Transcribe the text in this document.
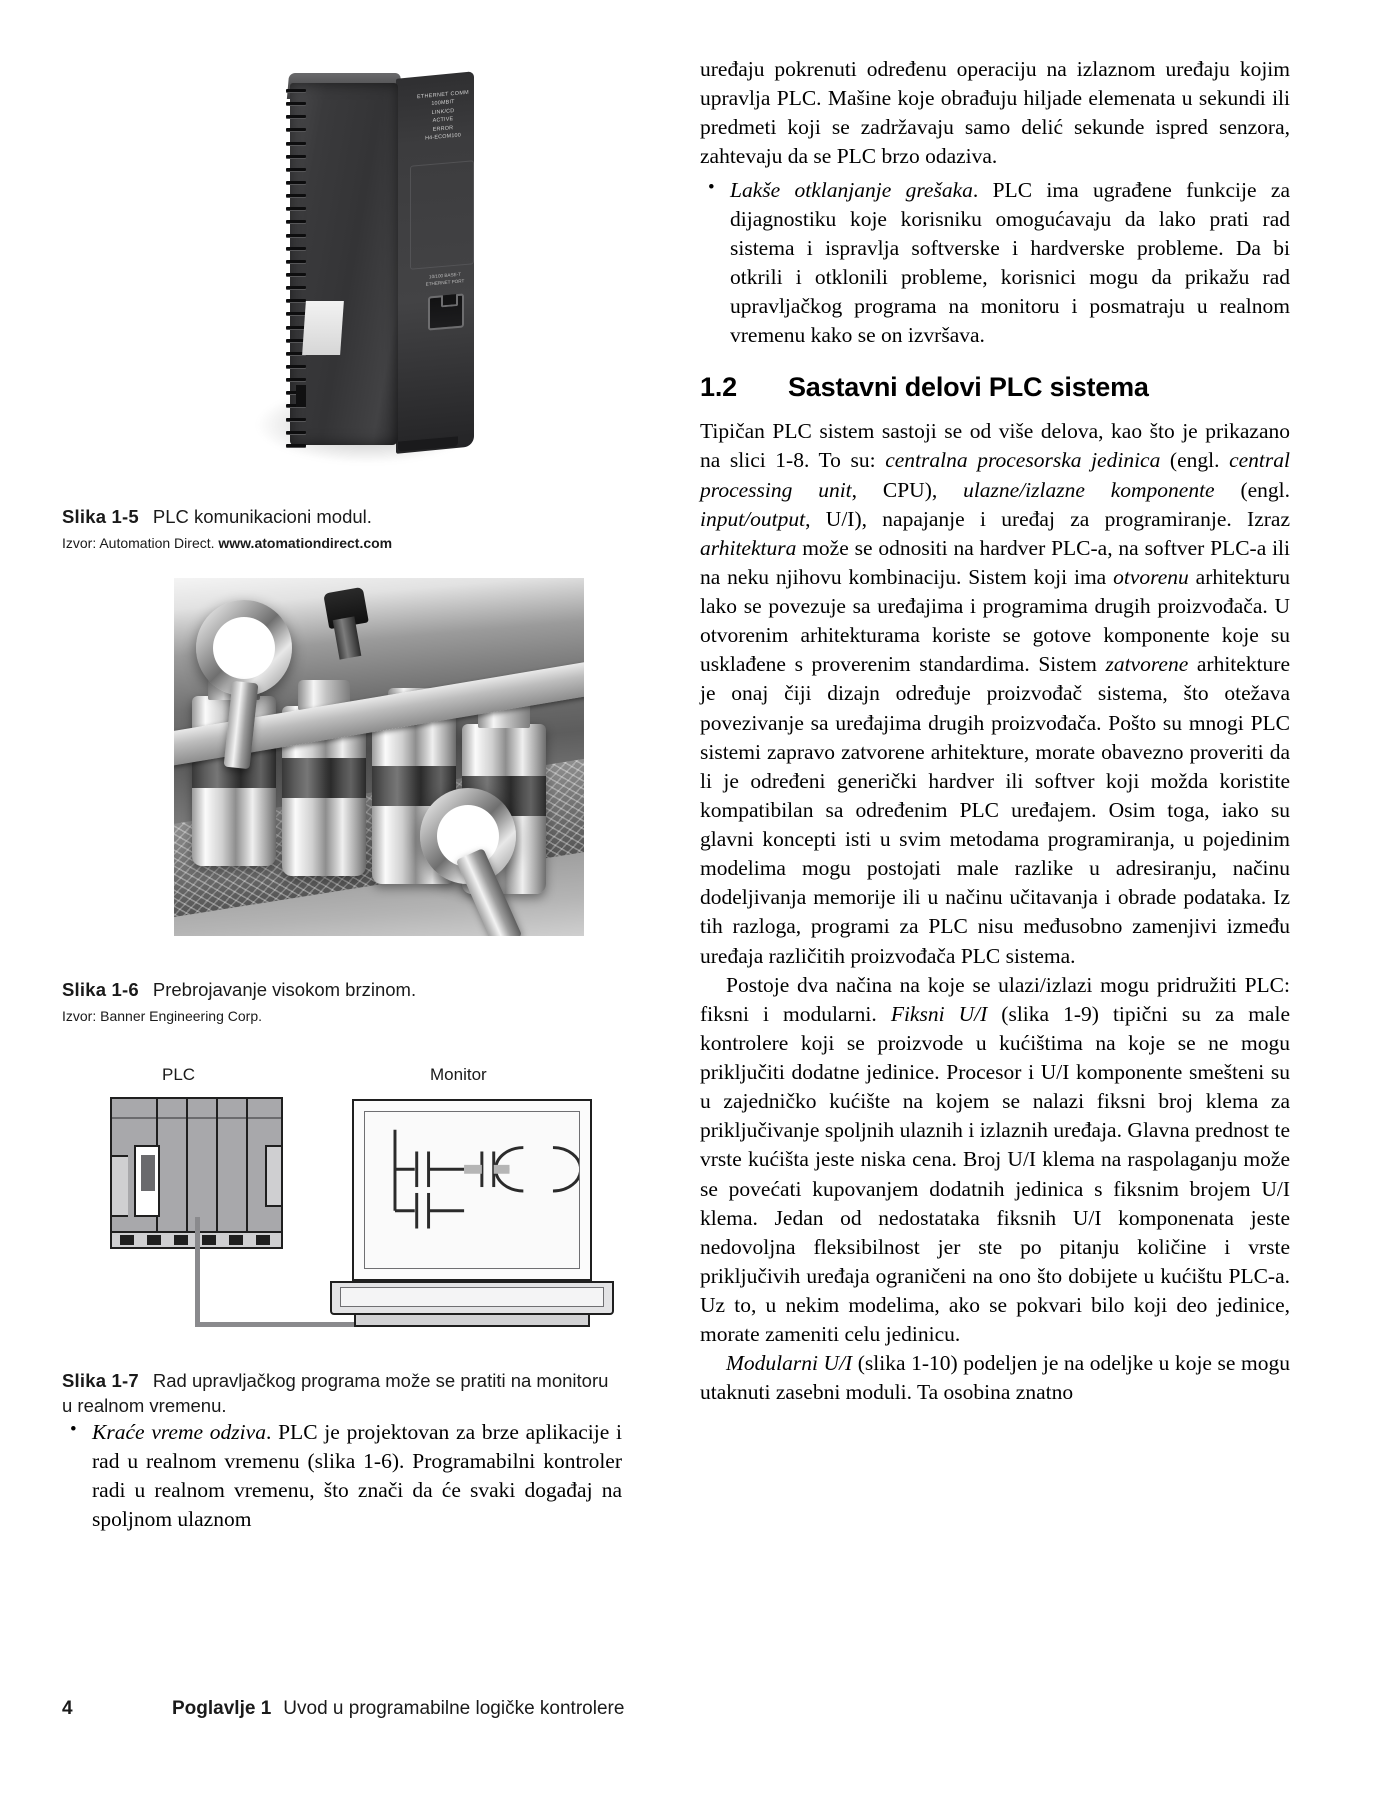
ETHERNET COMM
100MBIT
LINK/CD
ACTIVE
ERROR
H4-ECOM100
10/100 BASE-T
ETHERNET PORT
Slika 1-5 PLC komunikacioni modul.
Izvor: Automation Direct. www.atomationdirect.com
Slika 1-6 Prebrojavanje visokom brzinom.
Izvor: Banner Engineering Corp.
PLC	Monitor
Slika 1-7 Rad upravljačkog programa može se pratiti na monitoru u realnom vremenu.
• Kraće vreme odziva. PLC je projektovan za brze aplikacije i rad u realnom vremenu (slika 1-6). Programabilni kontroler radi u realnom vremenu, što znači da će svaki događaj na spoljnom ulaznom

uređaju pokrenuti određenu operaciju na izlaznom uređaju kojim upravlja PLC. Mašine koje obrađuju hiljade elemenata u sekundi ili predmeti koji se zadržavaju samo delić sekunde ispred senzora, zahtevaju da se PLC brzo odaziva.

• Lakše otklanjanje grešaka. PLC ima ugrađene funkcije za dijagnostiku koje korisniku omogućavaju da lako prati rad sistema i ispravlja softverske i hardverske probleme. Da bi otkrili i otklonili probleme, korisnici mogu da prikažu rad upravljačkog programa na monitoru i posmatraju u realnom vremenu kako se on izvršava.
1.2	Sastavni delovi PLC sistema

Tipičan PLC sistem sastoji se od više delova, kao što je prikazano na slici 1-8. To su: centralna procesorska jedinica (engl. central processing unit, CPU), ulazne/izlazne komponente (engl. input/output, U/I), napajanje i uređaj za programiranje. Izraz arhitektura može se odnositi na hardver PLC-a, na softver PLC-a ili na neku njihovu kombinaciju. Sistem koji ima otvorenu arhitekturu lako se povezuje sa uređajima i programima drugih proizvođača. U otvorenim arhitekturama koriste se gotove komponente koje su usklađene s proverenim standardima. Sistem zatvorene arhitekture je onaj čiji dizajn određuje proizvođač sistema, što otežava povezivanje sa uređajima drugih proizvođača. Pošto su mnogi PLC sistemi zapravo zatvorene arhitekture, morate obavezno proveriti da li je određeni generički hardver ili softver koji možda koristite kompatibilan sa određenim PLC uređajem. Osim toga, iako su glavni koncepti isti u svim metodama programiranja, u pojedinim modelima mogu postojati male razlike u adresiranju, načinu dodeljivanja memorije ili u načinu učitavanja i obrade podataka. Iz tih razloga, programi za PLC nisu međusobno zamenjivi između uređaja različitih proizvođača PLC sistema.

Postoje dva načina na koje se ulazi/izlazi mogu pridružiti PLC: fiksni i modularni. Fiksni U/I (slika 1-9) tipični su za male kontrolere koji se proizvode u kućištima na koje se ne mogu priključiti dodatne jedinice. Procesor i U/I komponente smešteni su u zajedničko kućište na kojem se nalazi fiksni broj klema za priključivanje spoljnih ulaznih i izlaznih uređaja. Glavna prednost te vrste kućišta jeste niska cena. Broj U/I klema na raspolaganju može se povećati kupovanjem dodatnih jedinica s fiksnim brojem U/I klema. Jedan od nedostataka fiksnih U/I komponenata jeste nedovoljna fleksibilnost jer ste po pitanju količine i vrste priključivih uređaja ograničeni na ono što dobijete u kućištu PLC-a. Uz to, u nekim modelima, ako se pokvari bilo koji deo jedinice, morate zameniti celu jedinicu.

Modularni U/I (slika 1-10) podeljen je na odeljke u koje se mogu utaknuti zasebni moduli. Ta osobina znatno

4	Poglavlje 1 Uvod u programabilne logičke kontrolere
